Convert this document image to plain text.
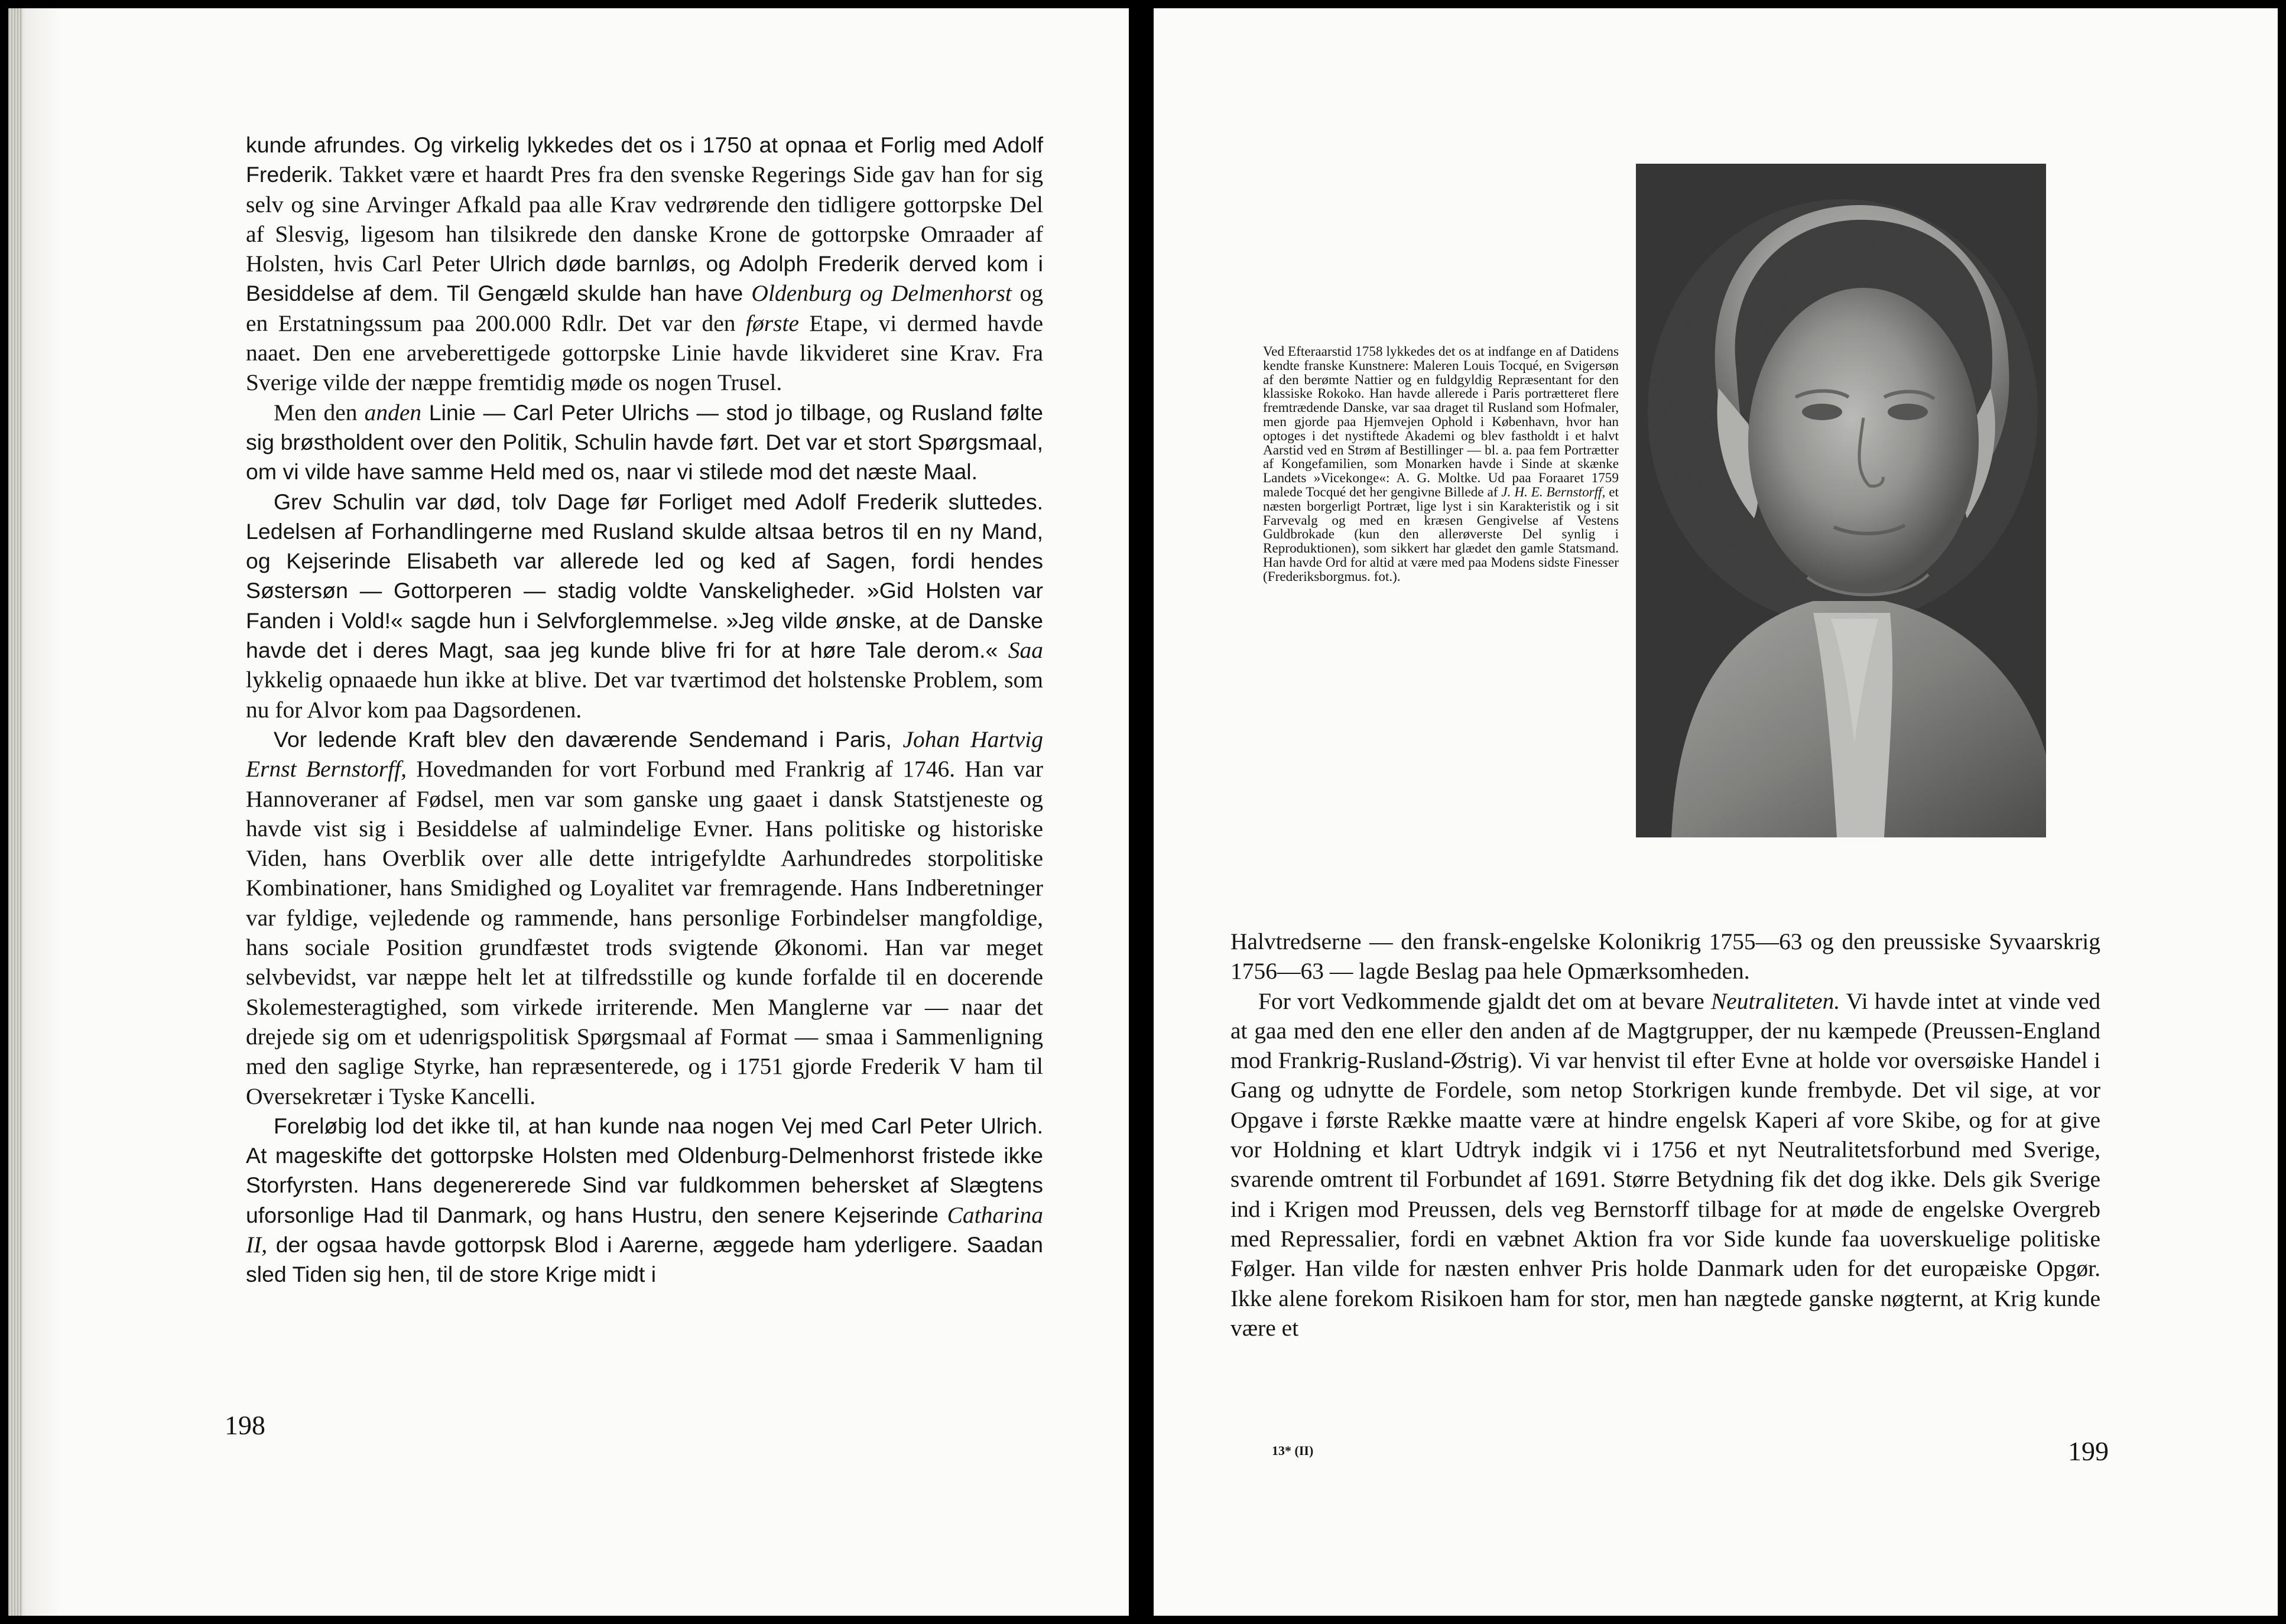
kunde afrundes. Og virkelig lykkedes det os i 1750 at opnaa et Forlig med Adolf Frederik. Takket være et haardt Pres fra den svenske Regerings Side gav han for sig selv og sine Arvinger Afkald paa alle Krav vedrørende den tidligere gottorpske Del af Slesvig, ligesom han tilsikrede den danske Krone de gottorpske Omraader af Holsten, hvis Carl Peter Ulrich døde barnløs, og Adolph Frederik derved kom i Besiddelse af dem. Til Gengæld skulde han have Oldenburg og Delmenhorst og en Erstatningssum paa 200.000 Rdlr. Det var den første Etape, vi dermed havde naaet. Den ene arveberettigede gottorpske Linie havde likvideret sine Krav. Fra Sverige vilde der næppe fremtidig møde os nogen Trusel.

Men den anden Linie — Carl Peter Ulrichs — stod jo tilbage, og Rusland følte sig brøstholdent over den Politik, Schulin havde ført. Det var et stort Spørgsmaal, om vi vilde have samme Held med os, naar vi stilede mod det næste Maal.

Grev Schulin var død, tolv Dage før Forliget med Adolf Frederik sluttedes. Ledelsen af Forhandlingerne med Rusland skulde altsaa betros til en ny Mand, og Kejserinde Elisabeth var allerede led og ked af Sagen, fordi hendes Søstersøn — Gottorperen — stadig voldte Vanskeligheder. »Gid Holsten var Fanden i Vold!« sagde hun i Selvforglemmelse. »Jeg vilde ønske, at de Danske havde det i deres Magt, saa jeg kunde blive fri for at høre Tale derom.« Saa lykkelig opnaaede hun ikke at blive. Det var tværtimod det holstenske Problem, som nu for Alvor kom paa Dagsordenen.

Vor ledende Kraft blev den daværende Sendemand i Paris, Johan Hartvig Ernst Bernstorff, Hovedmanden for vort Forbund med Frankrig af 1746. Han var Hannoveraner af Fødsel, men var som ganske ung gaaet i dansk Statstjeneste og havde vist sig i Besiddelse af ualmindelige Evner. Hans politiske og historiske Viden, hans Overblik over alle dette intrigefyldte Aarhundredes storpolitiske Kombinationer, hans Smidighed og Loyalitet var fremragende. Hans Indberetninger var fyldige, vejledende og rammende, hans personlige Forbindelser mangfoldige, hans sociale Position grundfæstet trods svigtende Økonomi. Han var meget selvbevidst, var næppe helt let at tilfredsstille og kunde forfalde til en docerende Skolemesteragtighed, som virkede irriterende. Men Manglerne var — naar det drejede sig om et udenrigspolitisk Spørgsmaal af Format — smaa i Sammenligning med den saglige Styrke, han repræsenterede, og i 1751 gjorde Frederik V ham til Oversekretær i Tyske Kancelli.

Foreløbig lod det ikke til, at han kunde naa nogen Vej med Carl Peter Ulrich. At mageskifte det gottorpske Holsten med Oldenburg-Delmenhorst fristede ikke Storfyrsten. Hans degenererede Sind var fuldkommen behersket af Slægtens uforsonlige Had til Danmark, og hans Hustru, den senere Kejserinde Catharina II, der ogsaa havde gottorpsk Blod i Aarerne, æggede ham yderligere. Saadan sled Tiden sig hen, til de store Krige midt i

198
Ved Efteraarstid 1758 lykkedes det os at indfange en af Datidens kendte franske Kunstnere: Maleren Louis Tocqué, en Svigersøn af den berømte Nattier og en fuldgyldig Repræsentant for den klassiske Rokoko. Han havde allerede i Paris portrætteret flere fremtrædende Danske, var saa draget til Rusland som Hofmaler, men gjorde paa Hjemvejen Ophold i København, hvor han optoges i det nystiftede Akademi og blev fastholdt i et halvt Aarstid ved en Strøm af Bestillinger — bl. a. paa fem Portrætter af Kongefamilien, som Monarken havde i Sinde at skænke Landets »Vicekonge«: A. G. Moltke. Ud paa Foraaret 1759 malede Tocqué det her gengivne Billede af J. H. E. Bernstorff, et næsten borgerligt Portræt, lige lyst i sin Karakteristik og i sit Farvevalg og med en kræsen Gengivelse af Vestens Guldbrokade (kun den allerøverste Del synlig i Reproduktionen), som sikkert har glædet den gamle Statsmand. Han havde Ord for altid at være med paa Modens sidste Finesser (Frederiksborgmus. fot.).

Halvtredserne — den fransk-engelske Kolonikrig 1755—63 og den preussiske Syvaarskrig 1756—63 — lagde Beslag paa hele Opmærksomheden.

For vort Vedkommende gjaldt det om at bevare Neutraliteten. Vi havde intet at vinde ved at gaa med den ene eller den anden af de Magtgrupper, der nu kæmpede (Preussen-England mod Frankrig-Rusland-Østrig). Vi var henvist til efter Evne at holde vor oversøiske Handel i Gang og udnytte de Fordele, som netop Storkrigen kunde frembyde. Det vil sige, at vor Opgave i første Række maatte være at hindre engelsk Kaperi af vore Skibe, og for at give vor Holdning et klart Udtryk indgik vi i 1756 et nyt Neutralitetsforbund med Sverige, svarende omtrent til Forbundet af 1691. Større Betydning fik det dog ikke. Dels gik Sverige ind i Krigen mod Preussen, dels veg Bernstorff tilbage for at møde de engelske Overgreb med Repressalier, fordi en væbnet Aktion fra vor Side kunde faa uoverskuelige politiske Følger. Han vilde for næsten enhver Pris holde Danmark uden for det europæiske Opgør. Ikke alene forekom Risikoen ham for stor, men han nægtede ganske nøgternt, at Krig kunde være et

13* (II)	199
